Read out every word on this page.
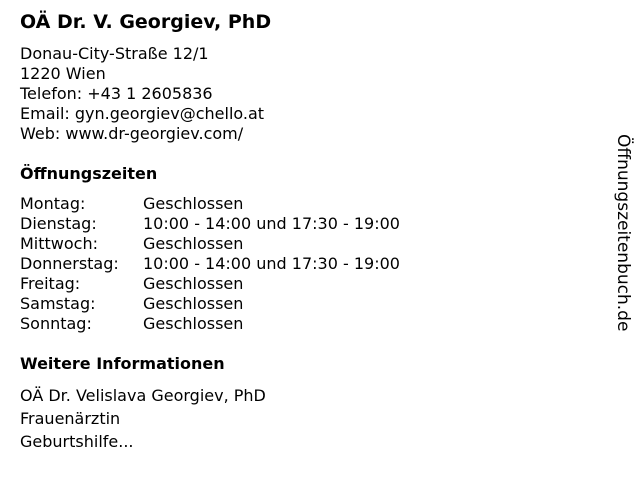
OÄ Dr. V. Georgiev, PhD
Donau-City-Straße 12/1
1220 Wien
Telefon: +43 1 2605836
Email: gyn.georgiev@chello.at
Web: www.dr-georgiev.com/
Öffnungszeiten
Montag:	Geschlossen
Dienstag:	10:00 - 14:00 und 17:30 - 19:00
Mittwoch:	Geschlossen
Donnerstag:	10:00 - 14:00 und 17:30 - 19:00
Freitag:	Geschlossen
Samstag:	Geschlossen
Sonntag:	Geschlossen
Weitere Informationen
OÄ Dr. Velislava Georgiev, PhD
Frauenärztin
Geburtshilfe...
Öffnungszeitenbuch.de
